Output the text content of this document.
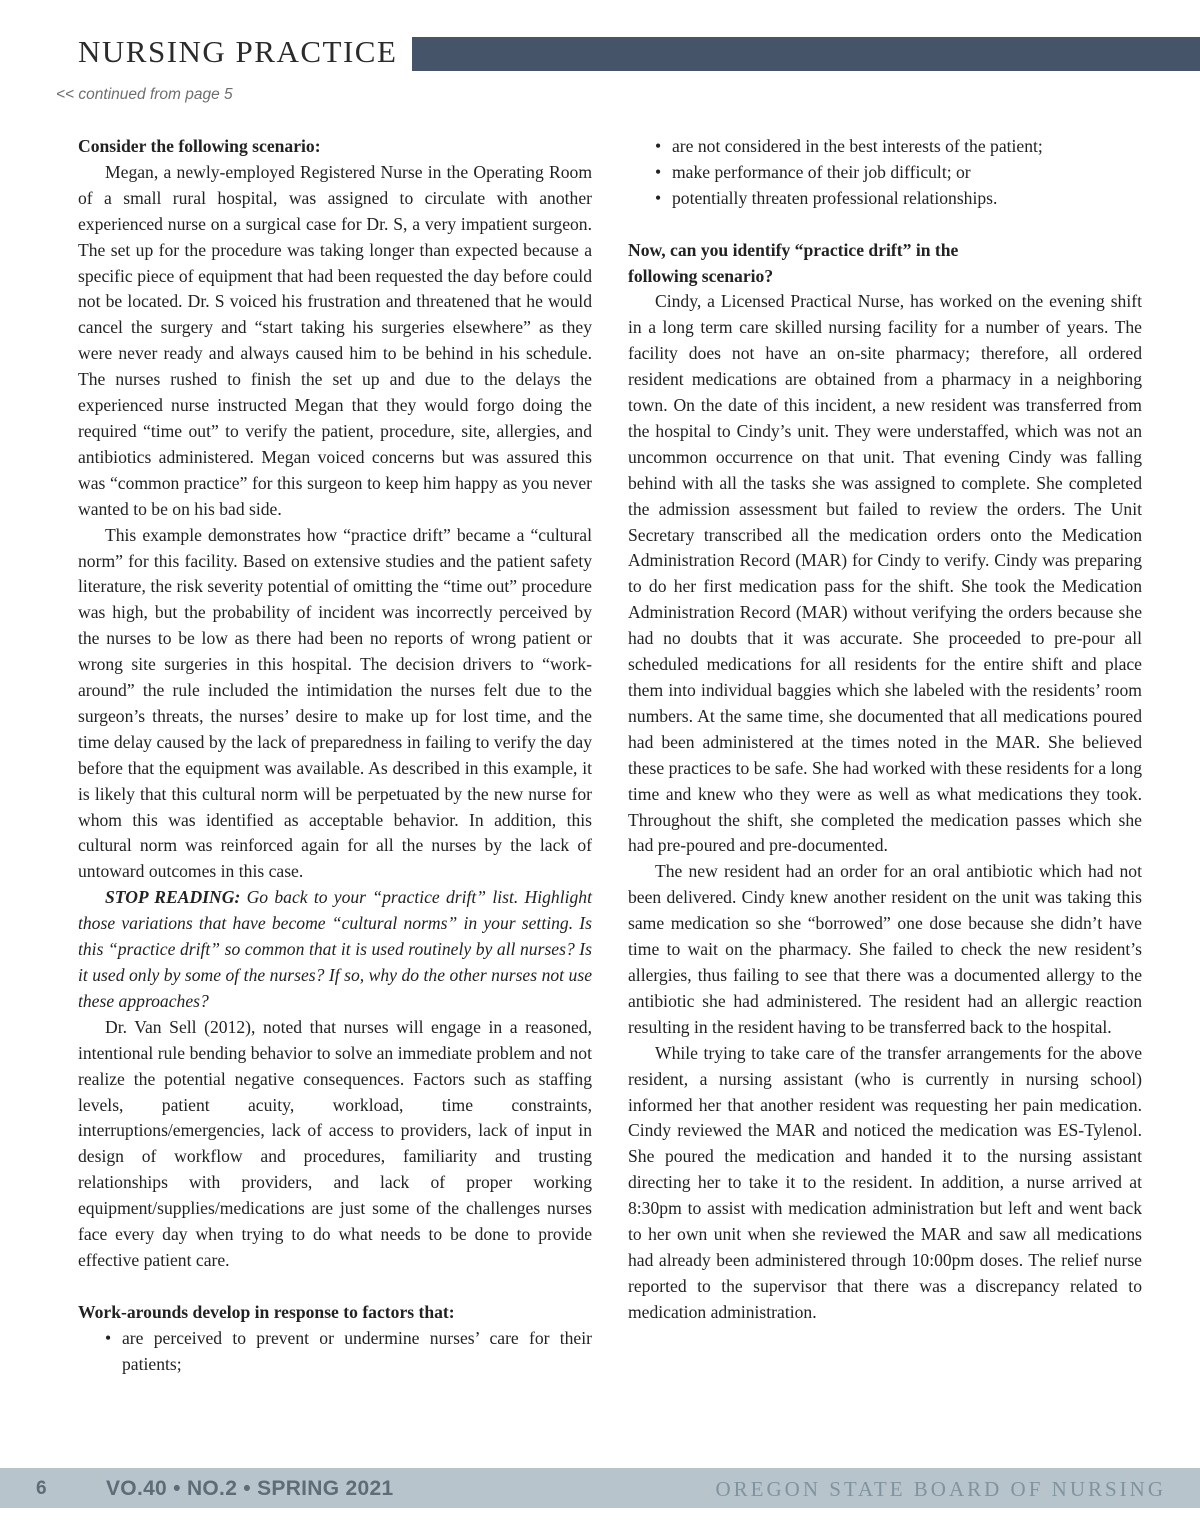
NURSING PRACTICE
<< continued from page 5
Consider the following scenario:

Megan, a newly-employed Registered Nurse in the Operating Room of a small rural hospital, was assigned to circulate with another experienced nurse on a surgical case for Dr. S, a very impatient surgeon. The set up for the procedure was taking longer than expected because a specific piece of equipment that had been requested the day before could not be located. Dr. S voiced his frustration and threatened that he would cancel the surgery and “start taking his surgeries elsewhere” as they were never ready and always caused him to be behind in his schedule. The nurses rushed to finish the set up and due to the delays the experienced nurse instructed Megan that they would forgo doing the required “time out” to verify the patient, procedure, site, allergies, and antibiotics administered. Megan voiced concerns but was assured this was “common practice” for this surgeon to keep him happy as you never wanted to be on his bad side.

This example demonstrates how “practice drift” became a “cultural norm” for this facility. Based on extensive studies and the patient safety literature, the risk severity potential of omitting the “time out” procedure was high, but the probability of incident was incorrectly perceived by the nurses to be low as there had been no reports of wrong patient or wrong site surgeries in this hospital. The decision drivers to “work-around” the rule included the intimidation the nurses felt due to the surgeon’s threats, the nurses’ desire to make up for lost time, and the time delay caused by the lack of preparedness in failing to verify the day before that the equipment was available. As described in this example, it is likely that this cultural norm will be perpetuated by the new nurse for whom this was identified as acceptable behavior. In addition, this cultural norm was reinforced again for all the nurses by the lack of untoward outcomes in this case.

STOP READING: Go back to your “practice drift” list. Highlight those variations that have become “cultural norms” in your setting. Is this “practice drift” so common that it is used routinely by all nurses? Is it used only by some of the nurses? If so, why do the other nurses not use these approaches?

Dr. Van Sell (2012), noted that nurses will engage in a reasoned, intentional rule bending behavior to solve an immediate problem and not realize the potential negative consequences. Factors such as staffing levels, patient acuity, workload, time constraints, interruptions/emergencies, lack of access to providers, lack of input in design of workflow and procedures, familiarity and trusting relationships with providers, and lack of proper working equipment/supplies/medications are just some of the challenges nurses face every day when trying to do what needs to be done to provide effective patient care.

Work-arounds develop in response to factors that:
• are perceived to prevent or undermine nurses’ care for their patients;
• are not considered in the best interests of the patient;
• make performance of their job difficult; or
• potentially threaten professional relationships.
Now, can you identify “practice drift” in the following scenario?

Cindy, a Licensed Practical Nurse, has worked on the evening shift in a long term care skilled nursing facility for a number of years. The facility does not have an on-site pharmacy; therefore, all ordered resident medications are obtained from a pharmacy in a neighboring town. On the date of this incident, a new resident was transferred from the hospital to Cindy’s unit. They were understaffed, which was not an uncommon occurrence on that unit. That evening Cindy was falling behind with all the tasks she was assigned to complete. She completed the admission assessment but failed to review the orders. The Unit Secretary transcribed all the medication orders onto the Medication Administration Record (MAR) for Cindy to verify. Cindy was preparing to do her first medication pass for the shift. She took the Medication Administration Record (MAR) without verifying the orders because she had no doubts that it was accurate. She proceeded to pre-pour all scheduled medications for all residents for the entire shift and place them into individual baggies which she labeled with the residents’ room numbers. At the same time, she documented that all medications poured had been administered at the times noted in the MAR. She believed these practices to be safe. She had worked with these residents for a long time and knew who they were as well as what medications they took. Throughout the shift, she completed the medication passes which she had pre-poured and pre-documented.

The new resident had an order for an oral antibiotic which had not been delivered. Cindy knew another resident on the unit was taking this same medication so she “borrowed” one dose because she didn’t have time to wait on the pharmacy. She failed to check the new resident’s allergies, thus failing to see that there was a documented allergy to the antibiotic she had administered. The resident had an allergic reaction resulting in the resident having to be transferred back to the hospital.

While trying to take care of the transfer arrangements for the above resident, a nursing assistant (who is currently in nursing school) informed her that another resident was requesting her pain medication. Cindy reviewed the MAR and noticed the medication was ES-Tylenol. She poured the medication and handed it to the nursing assistant directing her to take it to the resident. In addition, a nurse arrived at 8:30pm to assist with medication administration but left and went back to her own unit when she reviewed the MAR and saw all medications had already been administered through 10:00pm doses. The relief nurse reported to the supervisor that there was a discrepancy related to medication administration.

6	VO.40 • NO.2 • SPRING 2021	OREGON STATE BOARD OF NURSING
